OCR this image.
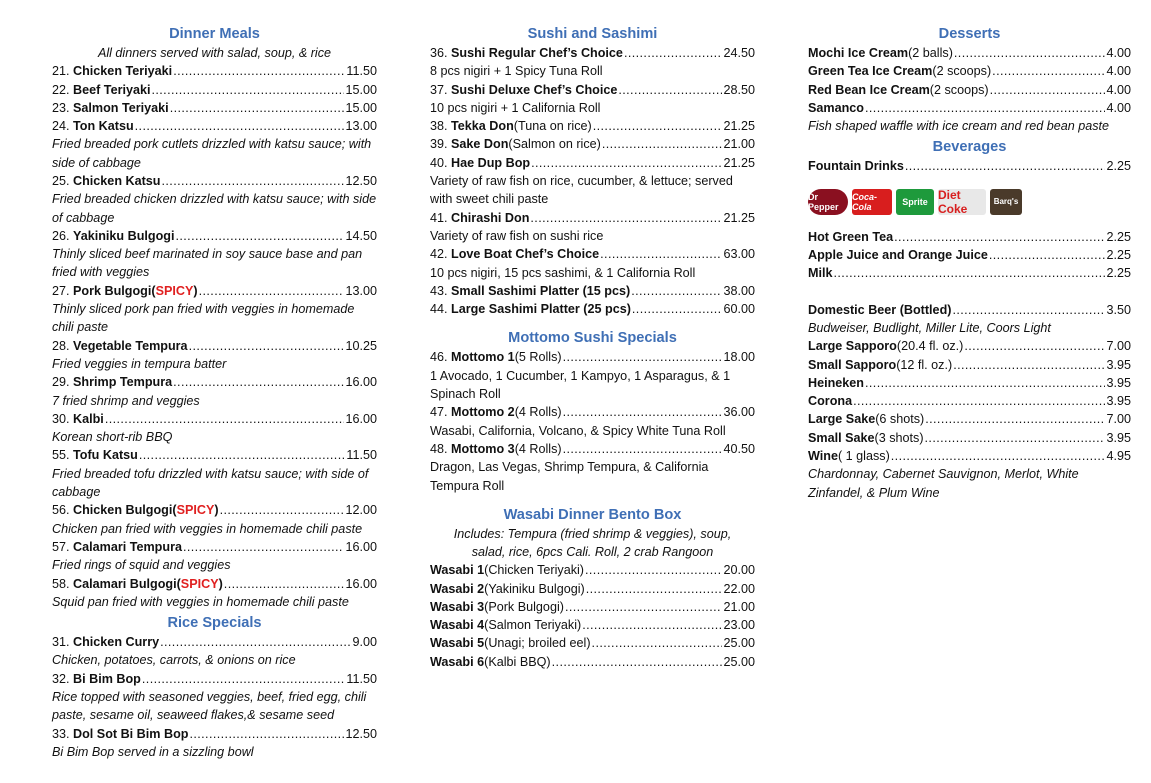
Dinner Meals
All dinners served with salad, soup, & rice
21.
Chicken Teriyaki .....	11.50
22.
Beef Teriyaki .....	15.00
23.
Salmon Teriyaki .....	15.00
24.
Ton Katsu .....	13.00
Fried breaded pork cutlets drizzled with katsu sauce; with side of cabbage
25.
Chicken Katsu .....	12.50
Fried breaded chicken drizzled with katsu sauce; with side of cabbage
26.
Yakiniku Bulgogi .....	14.50
Thinly sliced beef marinated in soy sauce base and pan fried with veggies
27.
Pork Bulgogi ( SPICY ) .....	13.00
Thinly sliced pork pan fried with veggies in homemade chili paste
28.
Vegetable Tempura .....	10.25
Fried veggies in tempura batter
29.
Shrimp Tempura .....	16.00
7 fried shrimp and veggies
30.
Kalbi .....	16.00
Korean short-rib BBQ
55.
Tofu Katsu .....	11.50
Fried breaded tofu drizzled with katsu sauce; with side of cabbage
56.
Chicken Bulgogi ( SPICY ) .....	12.00
Chicken pan fried with veggies in homemade chili paste
57.
Calamari Tempura .....	16.00
Fried rings of squid and veggies
58.
Calamari Bulgogi ( SPICY ) .....	16.00
Squid pan fried with veggies in homemade chili paste
Rice Specials
31.
Chicken Curry .....	9.00
Chicken, potatoes, carrots, & onions on rice
32.
Bi Bim Bop .....	11.50
Rice topped with seasoned veggies, beef, fried egg, chili paste, sesame oil, seaweed flakes,& sesame seed
33.
Dol Sot Bi Bim Bop .....	12.50
Bi Bim Bop served in a sizzling bowl
Sushi and Sashimi
36.
Sushi Regular Chef’s Choice .....	24.50
8 pcs nigiri + 1 Spicy Tuna Roll
37.
Sushi Deluxe Chef’s Choice .....	28.50
10 pcs nigiri + 1 California Roll
38.
Tekka Don (Tuna on rice) .....	21.25
39.
Sake Don (Salmon on rice) .....	21.00
40.
Hae Dup Bop .....	21.25
Variety of raw fish on rice, cucumber, & lettuce; served with sweet chili paste
41.
Chirashi Don .....	21.25
Variety of raw fish on sushi rice
42.
Love Boat Chef’s Choice .....	63.00
10 pcs nigiri, 15 pcs sashimi, & 1 California Roll
43.
Small Sashimi Platter (15 pcs) .....	38.00
44.
Large Sashimi Platter (25 pcs) .....	60.00
Mottomo Sushi Specials
46.
Mottomo 1 (5 Rolls) .....	18.00
1 Avocado, 1 Cucumber, 1 Kampyo, 1 Asparagus, & 1 Spinach Roll
47.
Mottomo 2 (4 Rolls) .....	36.00
Wasabi, California, Volcano, & Spicy White Tuna Roll
48.
Mottomo 3 (4 Rolls) .....	40.50
Dragon, Las Vegas, Shrimp Tempura, & California Tempura Roll
Wasabi Dinner Bento Box
Includes: Tempura (fried shrimp & veggies), soup, salad, rice, 6pcs Cali. Roll, 2 crab Rangoon
Wasabi 1 (Chicken Teriyaki) .....	20.00
Wasabi 2 (Yakiniku Bulgogi) .....	22.00
Wasabi 3 (Pork Bulgogi) .....	21.00
Wasabi 4 (Salmon Teriyaki) .....	23.00
Wasabi 5 (Unagi; broiled eel) .....	25.00
Wasabi 6 (Kalbi BBQ) .....	25.00
Desserts
Mochi Ice Cream (2 balls) .....	4.00
Green Tea Ice Cream (2 scoops) .....	4.00
Red Bean Ice Cream (2 scoops) .....	4.00
Samanco .....	4.00
Fish shaped waffle with ice cream and red bean paste
Beverages
Fountain Drinks .....	2.25
Dr Pepper
Coca-Cola	Sprite Diet Coke	Barq's
Hot Green Tea .....	2.25
Apple Juice and Orange Juice .....	2.25
Milk .....	2.25
Domestic Beer (Bottled) .....	3.50
Budweiser, Budlight, Miller Lite, Coors Light
Large Sapporo (20.4 fl. oz.) .....	7.00
Small Sapporo (12 fl. oz.) .....	3.95
Heineken .....	3.95
Corona .....	3.95
Large Sake (6 shots) .....	7.00
Small Sake (3 shots) .....	3.95
Wine ( 1 glass) .....	4.95
Chardonnay, Cabernet Sauvignon, Merlot, White Zinfandel, & Plum Wine
